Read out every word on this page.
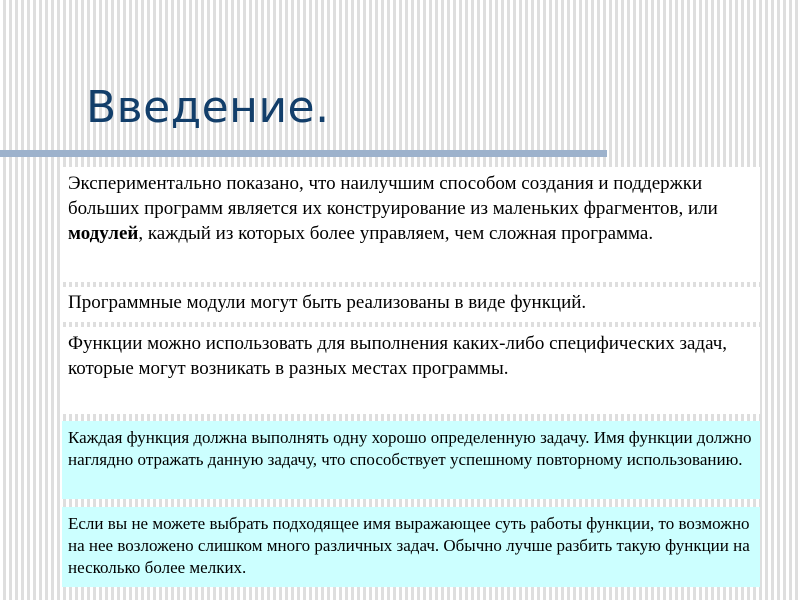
Введение.

Экспериментально показано, что наилучшим способом создания и поддержки больших программ является их конструирование из маленьких фрагментов, или модулей, каждый из которых более управляем, чем сложная программа.

Программные модули могут быть реализованы в виде функций.

Функции можно использовать для выполнения каких-либо специфических задач, которые могут возникать в разных местах программы.

Каждая функция должна выполнять одну хорошо определенную задачу. Имя функции должно наглядно отражать данную задачу, что способствует успешному повторному использованию.

Если вы не можете выбрать подходящее имя выражающее суть работы функции, то возможно на нее возложено слишком много различных задач. Обычно лучше разбить такую функции на несколько более мелких.
